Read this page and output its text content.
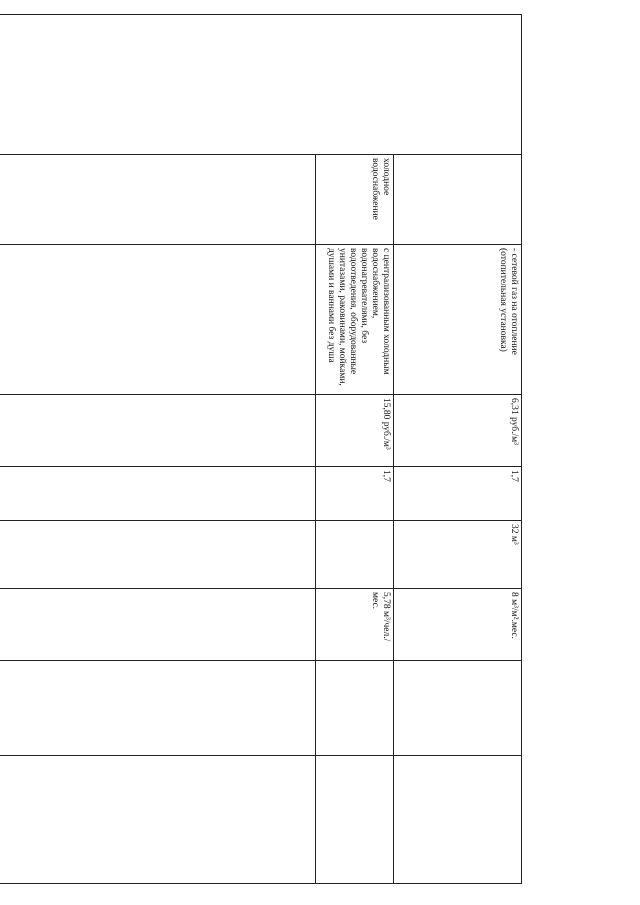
		- сетевой газ на отопление (отопительная установка)	6,31 руб./м³	1,7	32 м³	8 м³/м².мес.			
	холодное водоснабжение	с централизованным холодным водоснабжением, водонагревателями, без водоотведения, оборудованные унитазами, раковинами, мойками, душами и ваннами без душа	15,80 руб./м³	1,7		5,78 м³/чел./мес.			
